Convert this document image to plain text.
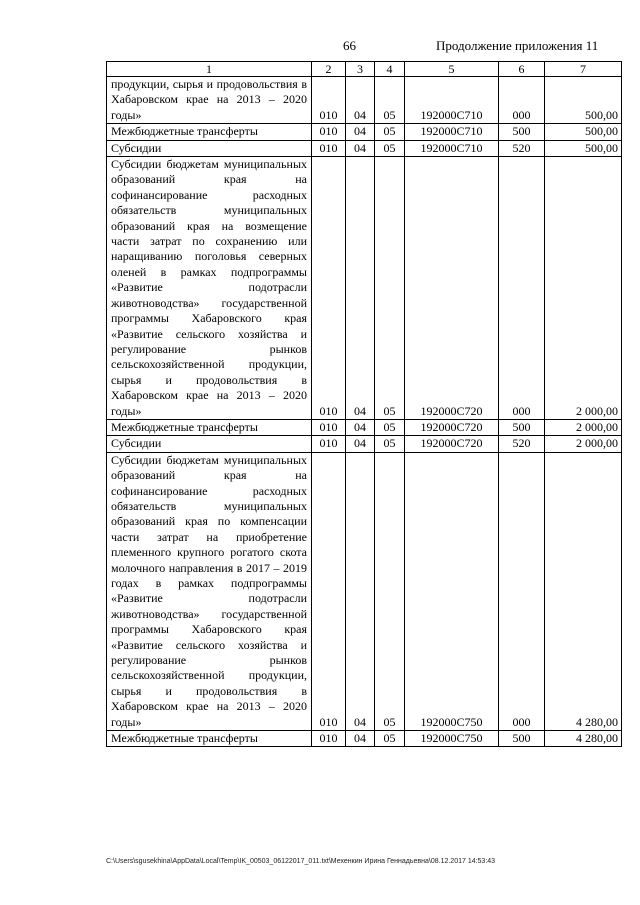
66	Продолжение приложения 11
1	2	3	4	5	6	7
продукции, сырья и продовольствия в Хабаровском крае на 2013 – 2020 годы»	010	04	05	192000С710	000	500,00
Межбюджетные трансферты	010	04	05	192000С710	500	500,00
Субсидии	010	04	05	192000С710	520	500,00
Субсидии бюджетам муниципальных образований края на софинансирование расходных обязательств муниципальных образований края на возмещение части затрат по сохранению или наращиванию поголовья северных оленей в рамках подпрограммы «Развитие подотрасли животноводства» государственной программы Хабаровского края «Развитие сельского хозяйства и регулирование рынков сельскохозяйственной продукции, сырья и продовольствия в Хабаровском крае на 2013 – 2020 годы»	010	04	05	192000С720	000	2 000,00
Межбюджетные трансферты	010	04	05	192000С720	500	2 000,00
Субсидии	010	04	05	192000С720	520	2 000,00
Субсидии бюджетам муниципальных образований края на софинансирование расходных обязательств муниципальных образований края по компенсации части затрат на приобретение племенного крупного рогатого скота молочного направления в 2017 – 2019 годах в рамках подпрограммы «Развитие подотрасли животноводства» государственной программы Хабаровского края «Развитие сельского хозяйства и регулирование рынков сельскохозяйственной продукции, сырья и продовольствия в Хабаровском крае на 2013 – 2020 годы»	010	04	05	192000С750	000	4 280,00
Межбюджетные трансферты	010	04	05	192000С750	500	4 280,00
C:\Users\sgusekhina\AppData\Local\Temp\IK_00503_06122017_011.txt\Мехенкин Ирина Геннадьевна\08.12.2017 14:53:43
